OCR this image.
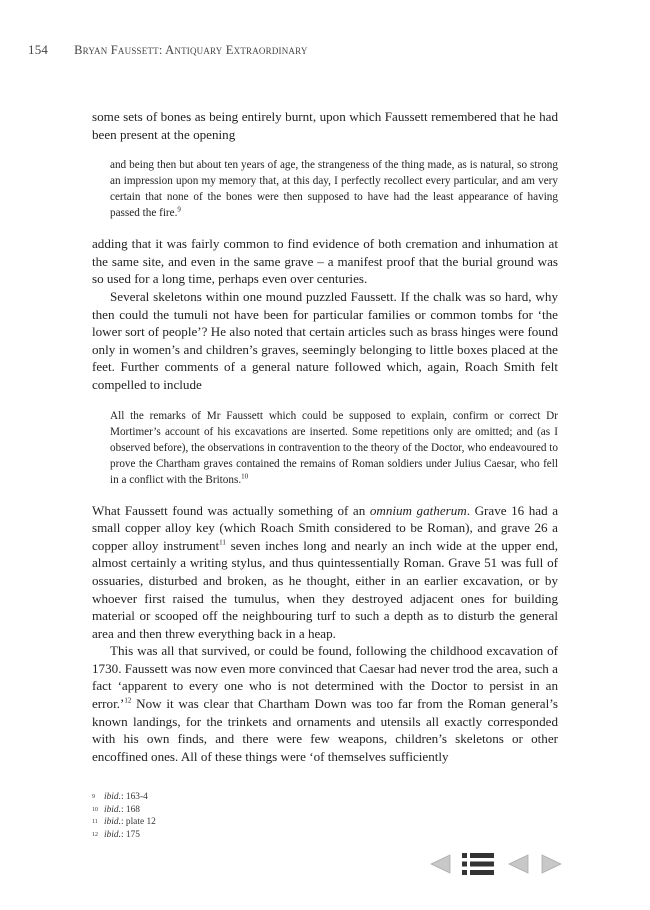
154 Bryan Faussett: Antiquary Extraordinary

some sets of bones as being entirely burnt, upon which Faussett remembered that he had been present at the opening

and being then but about ten years of age, the strangeness of the thing made, as is natural, so strong an impression upon my memory that, at this day, I perfectly recollect every particular, and am very certain that none of the bones were then supposed to have had the least appearance of having passed the fire.$^9$

adding that it was fairly common to find evidence of both cremation and inhumation at the same site, and even in the same grave – a manifest proof that the burial ground was so used for a long time, perhaps even over centuries.

Several skeletons within one mound puzzled Faussett. If the chalk was so hard, why then could the tumuli not have been for particular families or common tombs for ‘the lower sort of people’? He also noted that certain articles such as brass hinges were found only in women’s and children’s graves, seemingly belonging to little boxes placed at the feet. Further comments of a general nature followed which, again, Roach Smith felt compelled to include

All the remarks of Mr Faussett which could be supposed to explain, confirm or correct Dr Mortimer’s account of his excavations are inserted. Some repetitions only are omitted; and (as I observed before), the observations in contravention to the theory of the Doctor, who endeavoured to prove the Chartham graves contained the remains of Roman soldiers under Julius Caesar, who fell in a conflict with the Britons.$^{10}$

What Faussett found was actually something of an omnium gatherum. Grave 16 had a small copper alloy key (which Roach Smith considered to be Roman), and grave 26 a copper alloy instrument$^{11}$ seven inches long and nearly an inch wide at the upper end, almost certainly a writing stylus, and thus quintessentially Roman. Grave 51 was full of ossuaries, disturbed and broken, as he thought, either in an earlier excavation, or by whoever first raised the tumulus, when they destroyed adjacent ones for building material or scooped off the neighbouring turf to such a depth as to disturb the general area and then threw everything back in a heap.

This was all that survived, or could be found, following the childhood excavation of 1730. Faussett was now even more convinced that Caesar had never trod the area, such a fact ‘apparent to every one who is not determined with the Doctor to persist in an error.’$^{12}$ Now it was clear that Chartham Down was too far from the Roman general’s known landings, for the trinkets and ornaments and utensils all exactly corresponded with his own finds, and there were few weapons, children’s skeletons or other encoffined ones. All of these things were ‘of themselves sufficiently

9 ibid.: 163-4
10 ibid.: 168
11 ibid.: plate 12
12 ibid.: 175
